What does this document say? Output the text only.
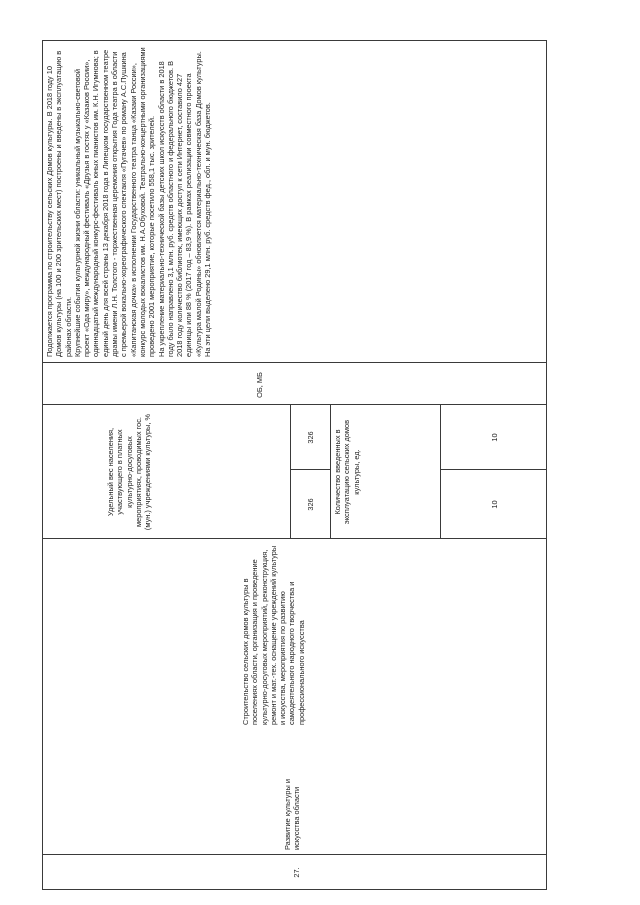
27.
Развитие культуры и искусства области
Строительство сельских домов культуры в поселениях области, организация и проведение культурно-досуговых мероприятий, реконструкция, ремонт и мат.-тех. оснащение учреждений культуры и искусства, мероприятия по развитию самодеятельного народного творчества и профессионального искусства
Удельный вес населения, участвующего в платных культурно-досуговых мероприятиях, проводимых гос. (мун.) учреждениями культуры, %	326
326 Количество введенных в эксплуатацию сельских домов культуры, ед.
10
10
ОБ, МБ

Подолжается программа по строительству сельских Домов культуры. В 2018 году 10 Домов культуры (на 100 и 200 зрительских мест) построены и введены в эксплуатацию в районах области. Крупнейшие события культурной жизни области: уникальный музыкально-световой проект «Ода миру», международный фестиваль «Друзья в гостях у «Казаков России», одиннадцатый международный конкурс-фестиваль юных пианистов им. К.Н. Игумнова; в единый день для всей страны 13 декабря 2018 года в Липецком государственном театре драмы имени Л.Н. Толстого - торжественная церемония открытия Года театра в области с премьерой вокально-хореографического спектакля «Пугачев» по роману А.С.Пушкина «Капитанская дочка» в исполнении Государственного театра танца «Казаки России», конкурс молодых вокалистов им. Н.А.Обуховой. Театрально-концертными организациями проведено 2001 мероприятие, которые посетило 558,1 тыс. зрителей. На укрепление материально-технической базы детских школ искусств области в 2018 году было направлено 3,1 млн. руб. средств областного и федерального бюджетов. В 2018 году количество библиотек, имеющих доступ к сети Интернет, составило 427 единицы или 88 % (2017 год – 83,9 %). В рамках реализации совместного проекта «Культура малой Родины» обновляется материально-техническая база Домов культуры. На эти цели выделено 29,1 млн. руб. средств фед., обл. и мун. бюджетов.
